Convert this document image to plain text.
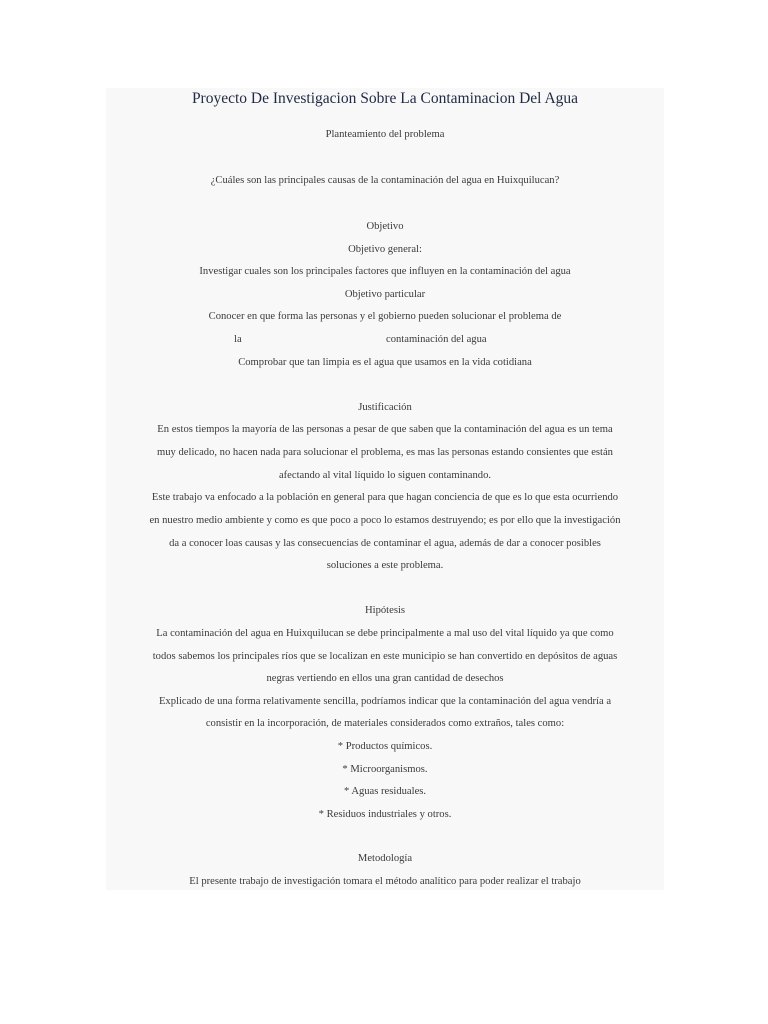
Proyecto De Investigacion Sobre La Contaminacion Del Agua
Planteamiento del problema
¿Cuáles son las principales causas de la contaminación del agua en Huixquilucan?
Objetivo
Objetivo general:
Investigar cuales son los principales factores que influyen en la contaminación del agua
Objetivo particular
Conocer en que forma las personas y el gobierno pueden solucionar el problema de
la	contaminación del agua
Comprobar que tan limpia es el agua que usamos en la vida cotidiana
Justificación
En estos tiempos la mayoría de las personas a pesar de que saben que la contaminación del agua es un tema
muy delicado, no hacen nada para solucionar el problema, es mas las personas estando consientes que están
afectando al vital líquido lo siguen contaminando.
Este trabajo va enfocado a la población en general para que hagan conciencia de que es lo que esta ocurriendo
en nuestro medio ambiente y como es que poco a poco lo estamos destruyendo; es por ello que la investigación
da a conocer loas causas y las consecuencias de contaminar el agua, además de dar a conocer posibles
soluciones a este problema.
Hipótesis
La contaminación del agua en Huixquilucan se debe principalmente a mal uso del vital líquido ya que como
todos sabemos los principales ríos que se localizan en este municipio se han convertido en depósitos de aguas
negras vertiendo en ellos una gran cantidad de desechos
Explicado de una forma relativamente sencilla, podríamos indicar que la contaminación del agua vendría a
consistir en la incorporación, de materiales considerados como extraños, tales como:
* Productos químicos.
* Microorganismos.
* Aguas residuales.
* Residuos industriales y otros.
Metodología
El presente trabajo de investigación tomara el método analítico para poder realizar el trabajo
